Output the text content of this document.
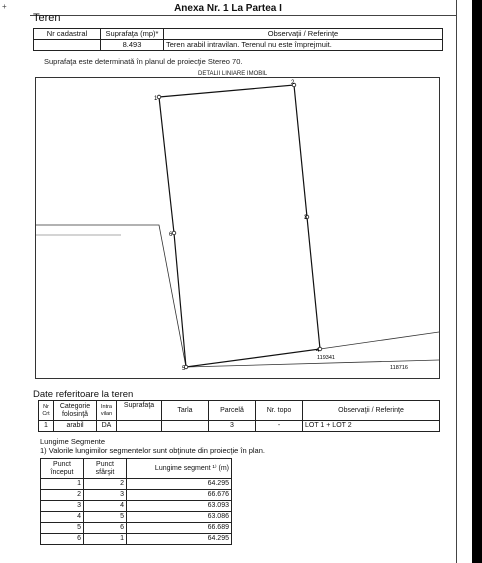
+	Anexa Nr. 1 La Partea I
Teren
Nr cadastral	Suprafaţa (mp)*	Observaţii / Referinţe
	8.493	Teren arabil intravilan. Terenul nu este împrejmuit.
Suprafaţa este determinată în planul de proiecţie Stereo 70.
DETALII LINIARE IMOBIL
1
2
3
4
5
6
119341
118716
Date referitoare la teren
Nr Crt	Categorie folosinţă	Intra vilan	Suprafaţa	Tarla	Parcelă	Nr. topo	Observaţii / Referinţe
1	arabil	DA			3	-	LOT 1 + LOT 2
Lungime Segmente
1) Valorile lungimilor segmentelor sunt obţinute din proiecţie în plan.
Punct început	Punct sfârşit	Lungime segment ¹⁾ (m)
1	2	64.295
2	3	66.676
3	4	63.093
4	5	63.086
5	6	66.689
6	1	64.295
